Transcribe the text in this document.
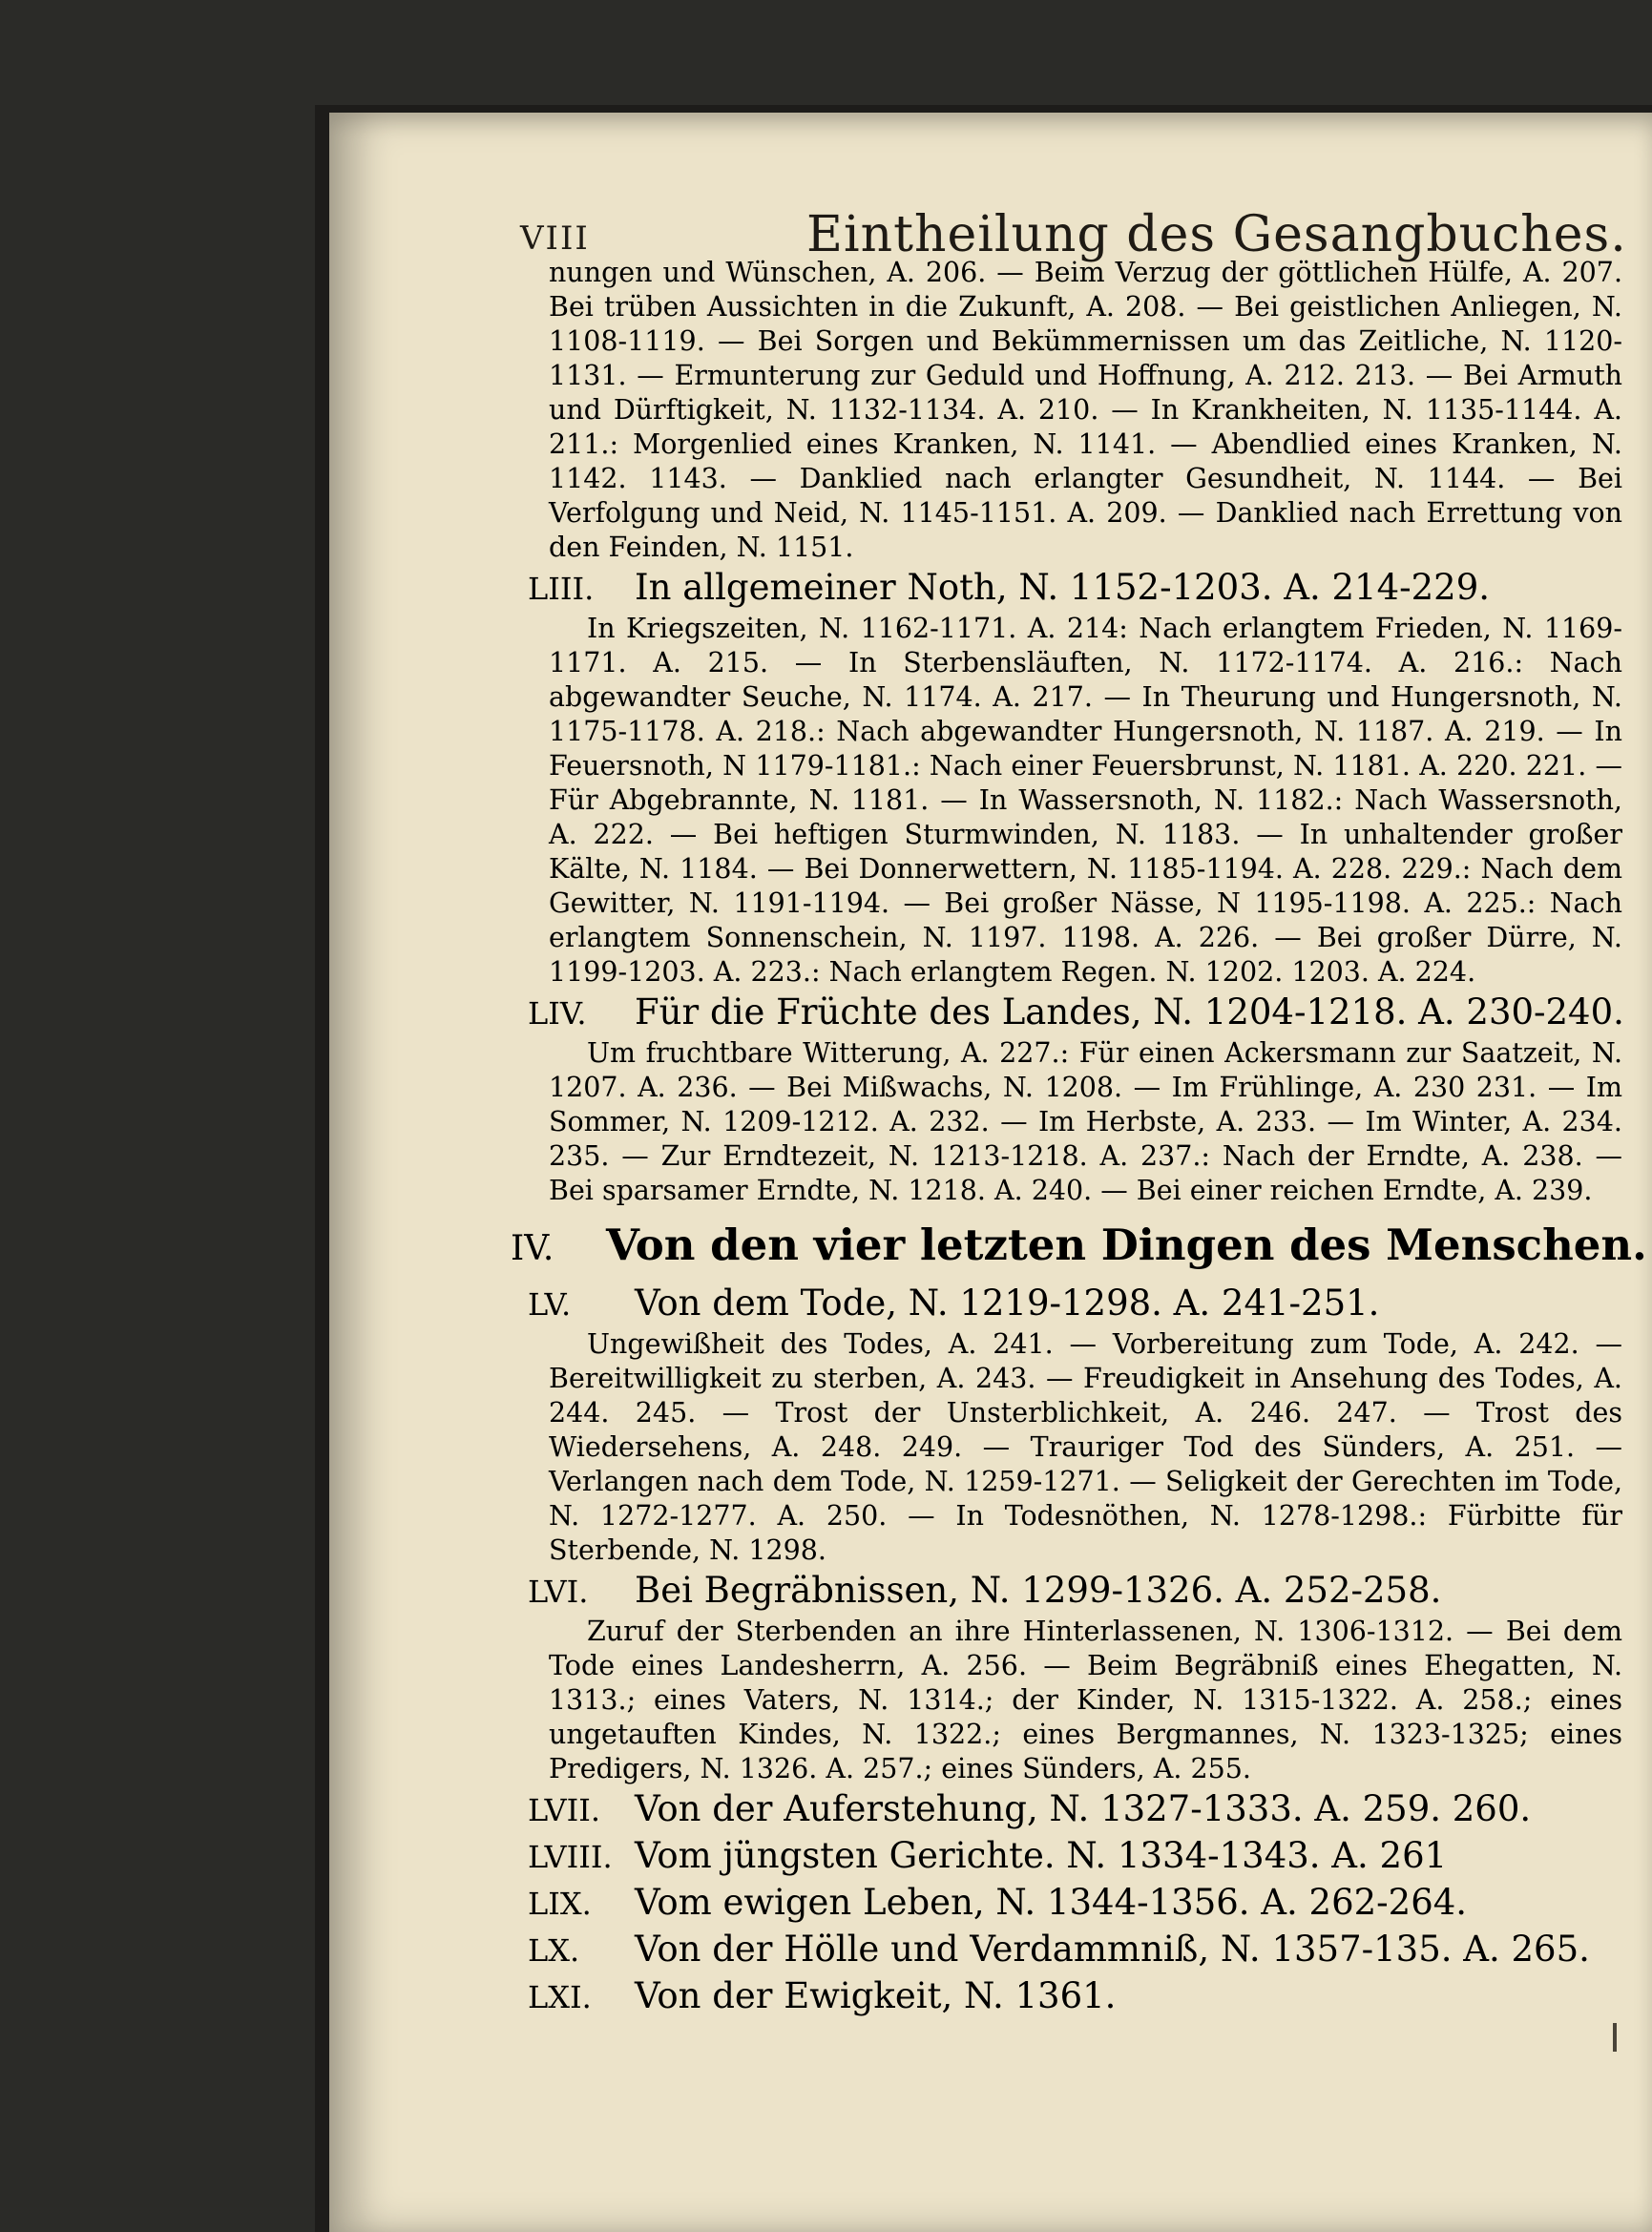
VIII	Eintheilung des Gesangbuches.

nungen und Wünschen, A. 206. — Beim Verzug der göttlichen Hülfe, A. 207. Bei trüben Aussichten in die Zukunft, A. 208. — Bei geistlichen Anliegen, N. 1108-1119. — Bei Sorgen und Bekümmernissen um das Zeitliche, N. 1120-1131. — Ermunterung zur Geduld und Hoffnung, A. 212. 213. — Bei Armuth und Dürftigkeit, N. 1132-1134. A. 210. — In Krankheiten, N. 1135-1144. A. 211.: Morgenlied eines Kranken, N. 1141. — Abendlied eines Kranken, N. 1142. 1143. — Danklied nach erlangter Gesundheit, N. 1144. — Bei Verfolgung und Neid, N. 1145-1151. A. 209. — Danklied nach Errettung von den Feinden, N. 1151.

LIII. In allgemeiner Noth, N. 1152-1203. A. 214-229.

In Kriegszeiten, N. 1162-1171. A. 214: Nach erlangtem Frieden, N. 1169-1171. A. 215. — In Sterbensläuften, N. 1172-1174. A. 216.: Nach abgewandter Seuche, N. 1174. A. 217. — In Theurung und Hungersnoth, N. 1175-1178. A. 218.: Nach abgewandter Hungersnoth, N. 1187. A. 219. — In Feuersnoth, N 1179-1181.: Nach einer Feuersbrunst, N. 1181. A. 220. 221. — Für Abgebrannte, N. 1181. — In Wassersnoth, N. 1182.: Nach Wassersnoth, A. 222. — Bei heftigen Sturmwinden, N. 1183. — In unhaltender großer Kälte, N. 1184. — Bei Donnerwettern, N. 1185-1194. A. 228. 229.: Nach dem Gewitter, N. 1191-1194. — Bei großer Nässe, N 1195-1198. A. 225.: Nach erlangtem Sonnenschein, N. 1197. 1198. A. 226. — Bei großer Dürre, N. 1199-1203. A. 223.: Nach erlangtem Regen. N. 1202. 1203. A. 224.

LIV. Für die Früchte des Landes, N. 1204-1218. A. 230-240.

Um fruchtbare Witterung, A. 227.: Für einen Ackersmann zur Saatzeit, N. 1207. A. 236. — Bei Mißwachs, N. 1208. — Im Frühlinge, A. 230 231. — Im Sommer, N. 1209-1212. A. 232. — Im Herbste, A. 233. — Im Winter, A. 234. 235. — Zur Erndtezeit, N. 1213-1218. A. 237.: Nach der Erndte, A. 238. — Bei sparsamer Erndte, N. 1218. A. 240. — Bei einer reichen Erndte, A. 239.

IV. Von den vier letzten Dingen des Menschen.

LV. Von dem Tode, N. 1219-1298. A. 241-251.

Ungewißheit des Todes, A. 241. — Vorbereitung zum Tode, A. 242. — Bereitwilligkeit zu sterben, A. 243. — Freudigkeit in Ansehung des Todes, A. 244. 245. — Trost der Unsterblichkeit, A. 246. 247. — Trost des Wiedersehens, A. 248. 249. — Trauriger Tod des Sünders, A. 251. — Verlangen nach dem Tode, N. 1259-1271. — Seligkeit der Gerechten im Tode, N. 1272-1277. A. 250. — In Todesnöthen, N. 1278-1298.: Fürbitte für Sterbende, N. 1298.

LVI. Bei Begräbnissen, N. 1299-1326. A. 252-258.

Zuruf der Sterbenden an ihre Hinterlassenen, N. 1306-1312. — Bei dem Tode eines Landesherrn, A. 256. — Beim Begräbniß eines Ehegatten, N. 1313.; eines Vaters, N. 1314.; der Kinder, N. 1315-1322. A. 258.; eines ungetauften Kindes, N. 1322.; eines Bergmannes, N. 1323-1325; eines Predigers, N. 1326. A. 257.; eines Sünders, A. 255.

LVII. Von der Auferstehung, N. 1327-1333. A. 259. 260.

LVIII. Vom jüngsten Gerichte. N. 1334-1343. A. 261

LIX. Vom ewigen Leben, N. 1344-1356. A. 262-264.

LX. Von der Hölle und Verdammniß, N. 1357-135. A. 265.

LXI. Von der Ewigkeit, N. 1361.
